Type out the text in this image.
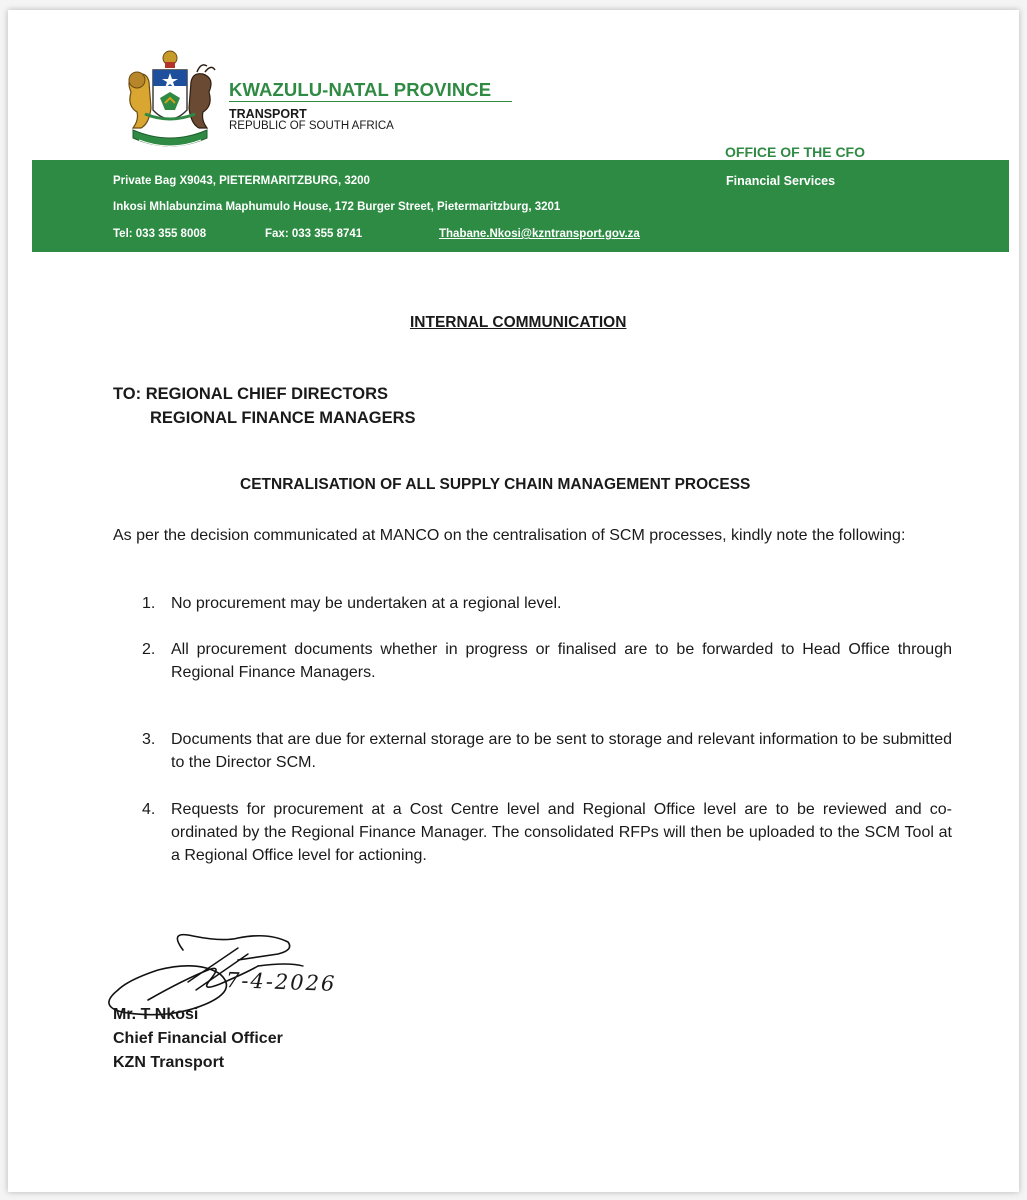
KWAZULU-NATAL PROVINCE
TRANSPORT
REPUBLIC OF SOUTH AFRICA
OFFICE OF THE CFO
Private Bag X9043, PIETERMARITZBURG, 3200
Inkosi Mhlabunzima Maphumulo House, 172 Burger Street, Pietermaritzburg, 3201
Tel: 033 355 8008	Fax: 033 355 8741	Thabane.Nkosi@kzntransport.gov.za
Financial Services
INTERNAL COMMUNICATION
TO: REGIONAL CHIEF DIRECTORS
REGIONAL FINANCE MANAGERS
CETNRALISATION OF ALL SUPPLY CHAIN MANAGEMENT PROCESS
As per the decision communicated at MANCO on the centralisation of SCM processes, kindly note the following:
1. No procurement may be undertaken at a regional level.
2. All procurement documents whether in progress or finalised are to be forwarded to Head Office through Regional Finance Managers.
3. Documents that are due for external storage are to be sent to storage and relevant information to be submitted to the Director SCM.
4. Requests for procurement at a Cost Centre level and Regional Office level are to be reviewed and co-ordinated by the Regional Finance Manager. The consolidated RFPs will then be uploaded to the SCM Tool at a Regional Office level for actioning.
7-4-2026
Mr. T Nkosi
Chief Financial Officer
KZN Transport
